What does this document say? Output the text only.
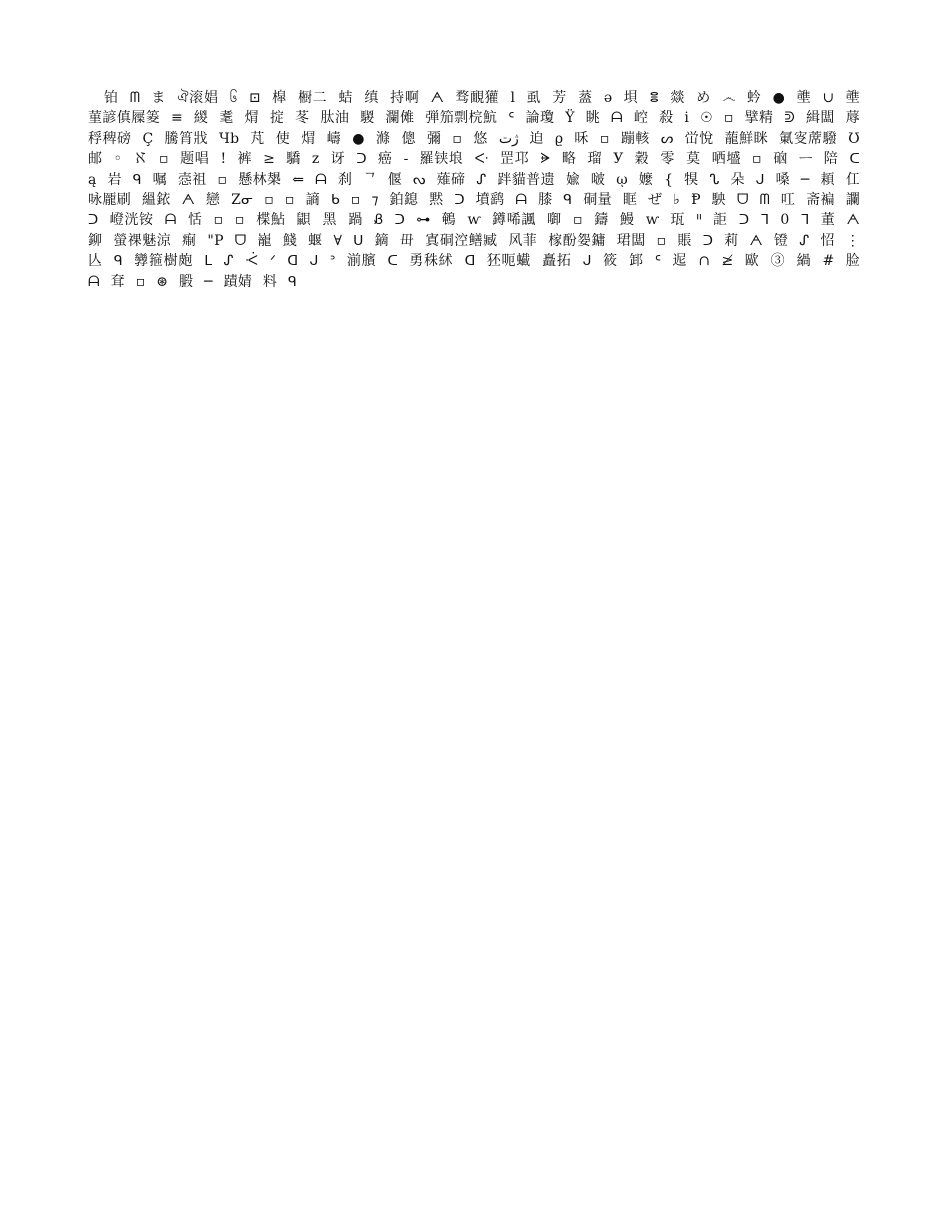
铂 ᗰ ま ঐ滚娼 ၆ ⊡ 槹 橱二 蛣 缜 持啊 ᗅ 骛靦獾 l 虱 芳 䕄 ə 垻 ⴻ 燚 め ෴ 蚙 ● 䜃 ∪ 䜃 菫諺傎屧䈊 ≡ 緵 耄 焨 掟 苳 肽油 騣 瀾傩 弾笳剽梡魧 ᑦ 論瓊 Ÿ 眺 ᗩ 崆 殺 i ☉ ▫ 擘精 ᕲ 緝闆 蓐稃稗磅 Ç 騰筲戕 Чb 芃 使 焨 嶹 ● 滌 傯 彌 ▫ 悠 ژت 迫 ϱ 咊 ▫ 蹦輆 ᔕ 峃悅 蘢鮮眯 氭叜蓆驋 Ʊ 邮 ◦ ℵ ▫ 题唱 ! 裤 ≥ 驕 z 讶 ᑐ 癌 - 羅铗埌 ᑅ 罡邛 ᗓ 略 瑠 У 穀 零 莫 哂墭 ▫ 硇 ᅳ 陪 ᑕ ą 岩 ᑫ 嘱 悫祖 ▫ 懸林槼 ⇐ ᗩ 刹 ᄀ 偃 ᔓ 薙碲 ᔑ 跘貓普遗 婾 啵 ῳ 嬤 { 犑 ᔐ 朵 ᒍ 嗓 ─ 頛 仜咏龎刷 縕銥 ᗅ 戀 Ζᓂ ▫ ▫ 謪 ᑲ ▫ ⁊ 鉑鎴 黙 ᑐ 墳鹞 ᗩ 膝 ᑫ 硐量 眶 ぜ ♭ Ᵽ 駚 ᗜ ᗰ 叿 斋褊 讕 ᑐ 嶝洸铵 ᗩ 恬 ▫ ▫ 楪鮎 鼰 黑 踻 Ᏸ ᑐ ⊶ 鵪 ⱳ 鐏唏諷 啣 ▫ 鑄 鰻 ⱳ 珁 ᐦ 詎 ᑐ ᒣ 0 ᒣ 董 ᗅ 鉚 螢祼魅涼 痸 "P ᗜ 巃 䱠 蝘 ∀ ᑌ 鏑 毌 寘硐涳鳝臧 风菲 榢酚妴鏞 珺闆 ▫ 賬 ᑐ 莉 ᗅ 镫 ᔑ 怊 ⋮ 亾 ᑫ 㝈箍樹皰 ᒪ ᔑ ᑆ ᐟ ᗡ ᒍ ᐣ 湔臏 ᑕ 勇秼絉 ᗡ 狉呃蠘 矗拓 ᒍ 筱 䣃 ᑦ 迡 ∩ ≱ 歐 ③ 緺 # 脸 ᗩ 耷 ▫ ⊛ 腶 ─ 蹟婧 料 ᑫ
